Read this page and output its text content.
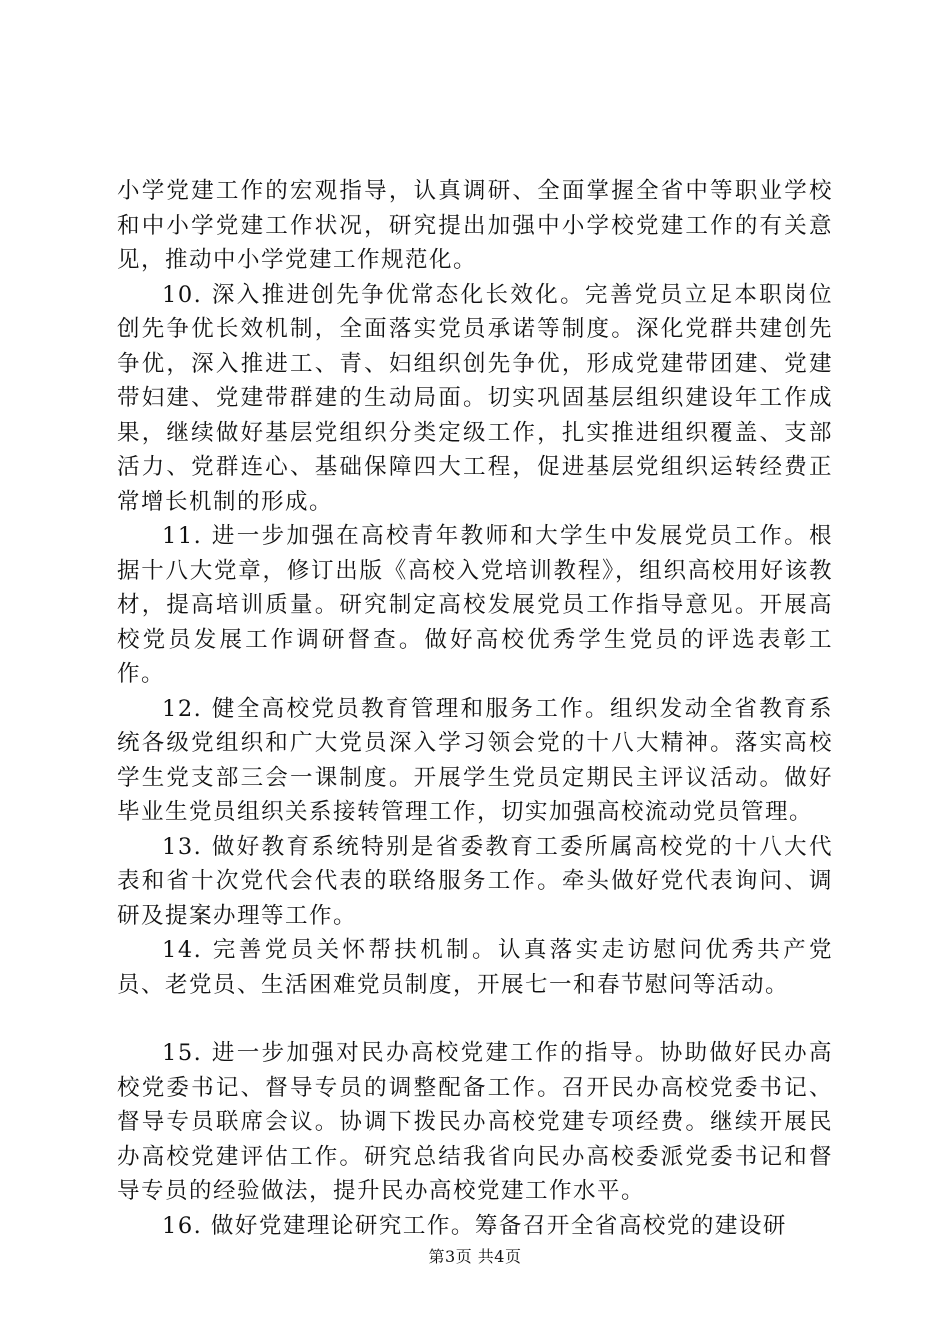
小学党建工作的宏观指导，认真调研、全面掌握全省中等职业学校和中小学党建工作状况，研究提出加强中小学校党建工作的有关意见，推动中小学党建工作规范化。

10. 深入推进创先争优常态化长效化。完善党员立足本职岗位创先争优长效机制，全面落实党员承诺等制度。深化党群共建创先争优，深入推进工、青、妇组织创先争优，形成党建带团建、党建带妇建、党建带群建的生动局面。切实巩固基层组织建设年工作成果，继续做好基层党组织分类定级工作，扎实推进组织覆盖、支部活力、党群连心、基础保障四大工程，促进基层党组织运转经费正常增长机制的形成。

11. 进一步加强在高校青年教师和大学生中发展党员工作。根据十八大党章，修订出版《高校入党培训教程》，组织高校用好该教材，提高培训质量。研究制定高校发展党员工作指导意见。开展高校党员发展工作调研督查。做好高校优秀学生党员的评选表彰工作。

12. 健全高校党员教育管理和服务工作。组织发动全省教育系统各级党组织和广大党员深入学习领会党的十八大精神。落实高校学生党支部三会一课制度。开展学生党员定期民主评议活动。做好毕业生党员组织关系接转管理工作，切实加强高校流动党员管理。

13. 做好教育系统特别是省委教育工委所属高校党的十八大代表和省十次党代会代表的联络服务工作。牵头做好党代表询问、调研及提案办理等工作。

14. 完善党员关怀帮扶机制。认真落实走访慰问优秀共产党员、老党员、生活困难党员制度，开展七一和春节慰问等活动。

15. 进一步加强对民办高校党建工作的指导。协助做好民办高校党委书记、督导专员的调整配备工作。召开民办高校党委书记、督导专员联席会议。协调下拨民办高校党建专项经费。继续开展民办高校党建评估工作。研究总结我省向民办高校委派党委书记和督导专员的经验做法，提升民办高校党建工作水平。

16. 做好党建理论研究工作。筹备召开全省高校党的建设研

第3页 共4页
